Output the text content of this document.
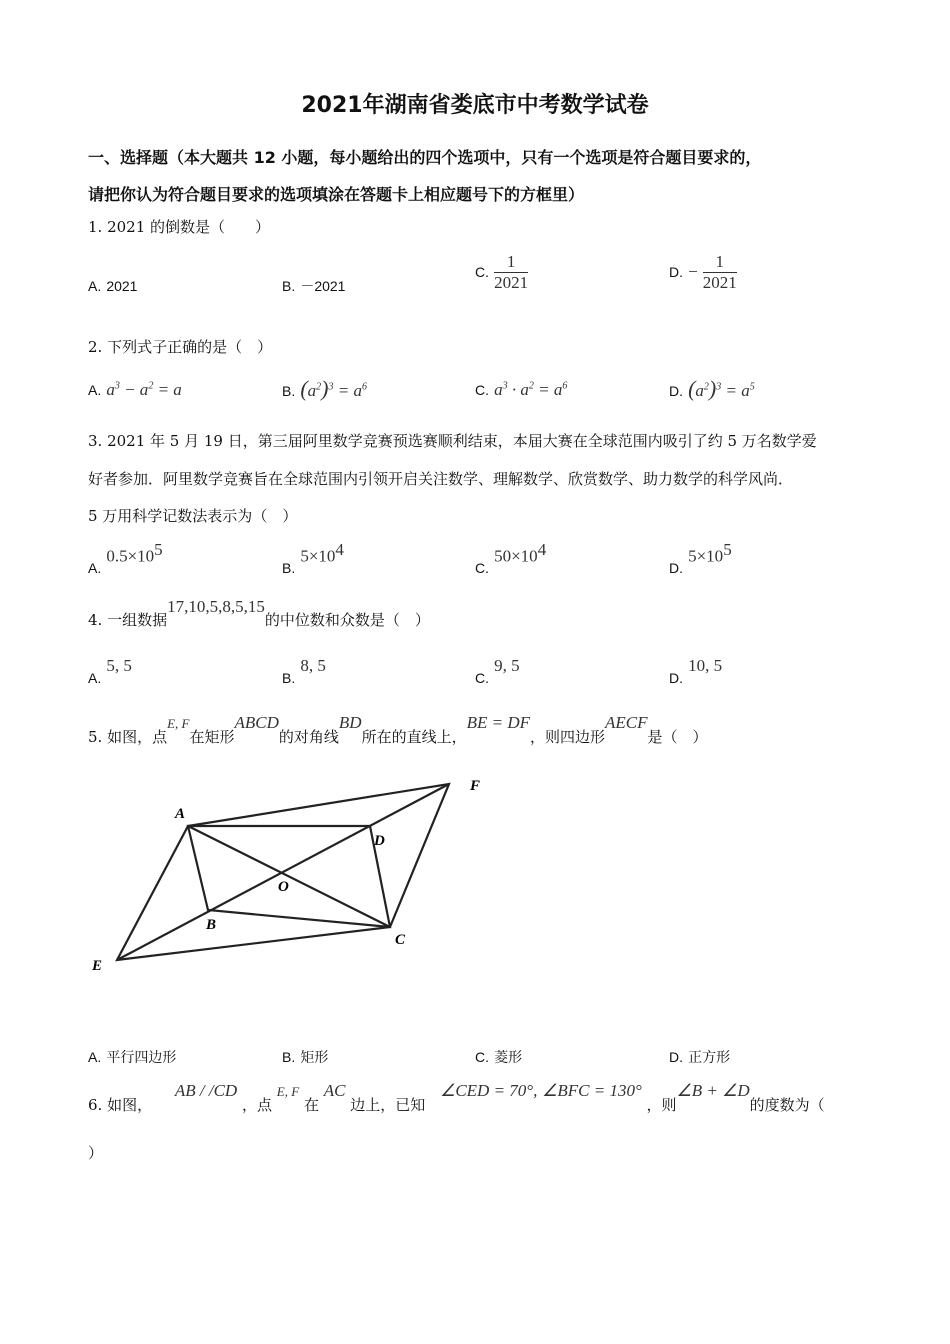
2021年湖南省娄底市中考数学试卷
一、选择题（本大题共 12 小题，每小题给出的四个选项中，只有一个选项是符合题目要求的，
请把你认为符合题目要求的选项填涂在答题卡上相应题号下的方框里）
1. 2021 的倒数是（　　）
A. 2021	B. －2021
C. $\frac{1}{2021}$	D. − $\frac{1}{2021}$
2. 下列式子正确的是（　）
A. $a^3 - a^2 = a$	B. $(a^2)^3 = a^6$	C. $a^3 \cdot a^2 = a^6$	D. $(a^2)^3 = a^5$
3. 2021 年 5 月 19 日，第三届阿里数学竞赛预选赛顺利结束，本届大赛在全球范围内吸引了约 5 万名数学爱
好者参加．阿里数学竞赛旨在全球范围内引领开启关注数学、理解数学、欣赏数学、助力数学的科学风尚．
5 万用科学记数法表示为（　）
A. $0.5\times 10^5$
B. $5\times 10^4$
C. $50\times 10^4$
D. $5\times 10^5$
4. 一组数据17,10,5,8,5,15的中位数和众数是（　）
A. 5, 5
B. 8, 5
C. 9, 5
D. 10, 5
5. 如图，点E, F在矩形ABCD的对角线BD所在的直线上，BE = DF，则四边形AECF是（　）
A
B
C
D
E
F
O
A. 平行四边形	B. 矩形	C. 菱形	D. 正方形
6. 如图， AB / /CD ，点 E, F 在 AC 边上，已知 ∠CED = 70°, ∠BFC = 130° ，则∠B + ∠D的度数为（
）
